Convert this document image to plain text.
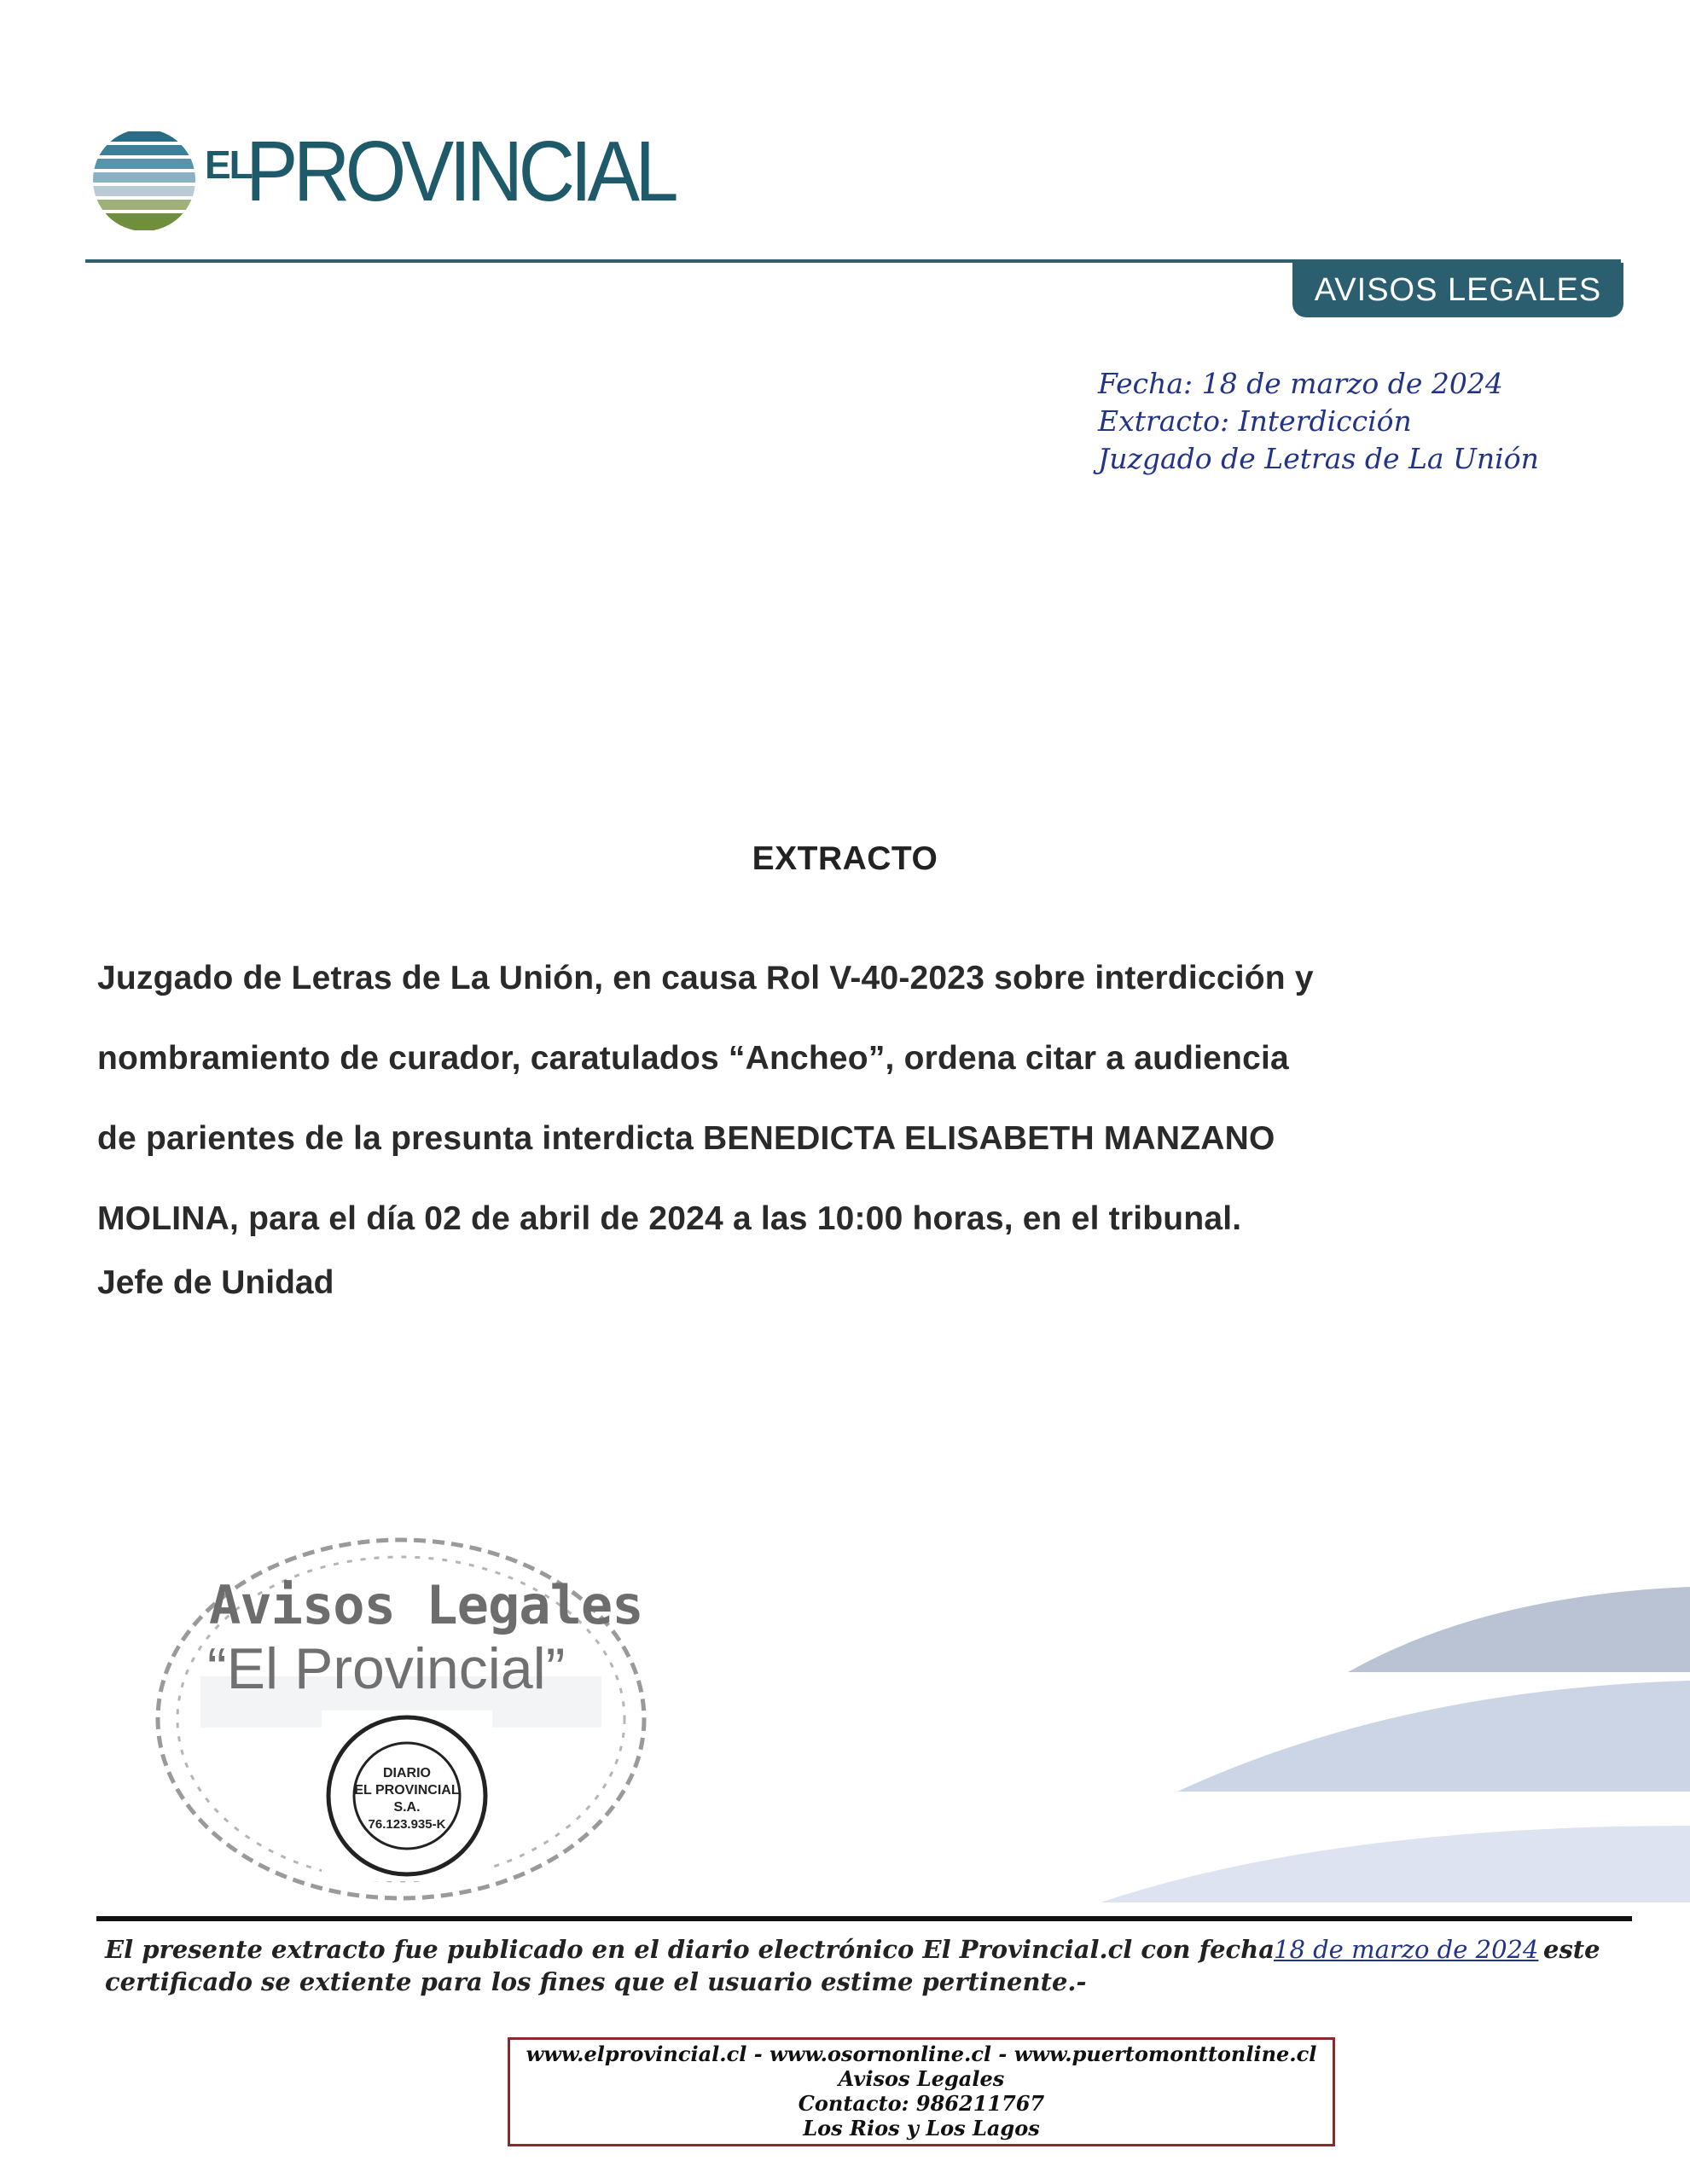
EL
PROVINCIAL
AVISOS LEGALES
Fecha: 18 de marzo de 2024
Extracto: Interdicción
Juzgado de Letras de La Unión
EXTRACTO

Juzgado de Letras de La Unión, en causa Rol V-40-2023 sobre interdicción y

nombramiento de curador, caratulados “Ancheo”, ordena citar a audiencia

de parientes de la presunta interdicta BENEDICTA ELISABETH MANZANO

MOLINA, para el día 02 de abril de 2024 a las 10:00 horas, en el tribunal.

Jefe de Unidad
Avisos Legales
“El Provincial”
DIARIO
EL PROVINCIAL
S.A.
76.123.935-K
El presente extracto fue publicado en el diario electrónico El Provincial.cl con fecha
18 de marzo de 2024 este
certificado se extiente para los fines que el usuario estime pertinente.-
www.elprovincial.cl - www.osornonline.cl - www.puertomonttonline.cl
Avisos Legales
Contacto: 986211767
Los Rios y Los Lagos
